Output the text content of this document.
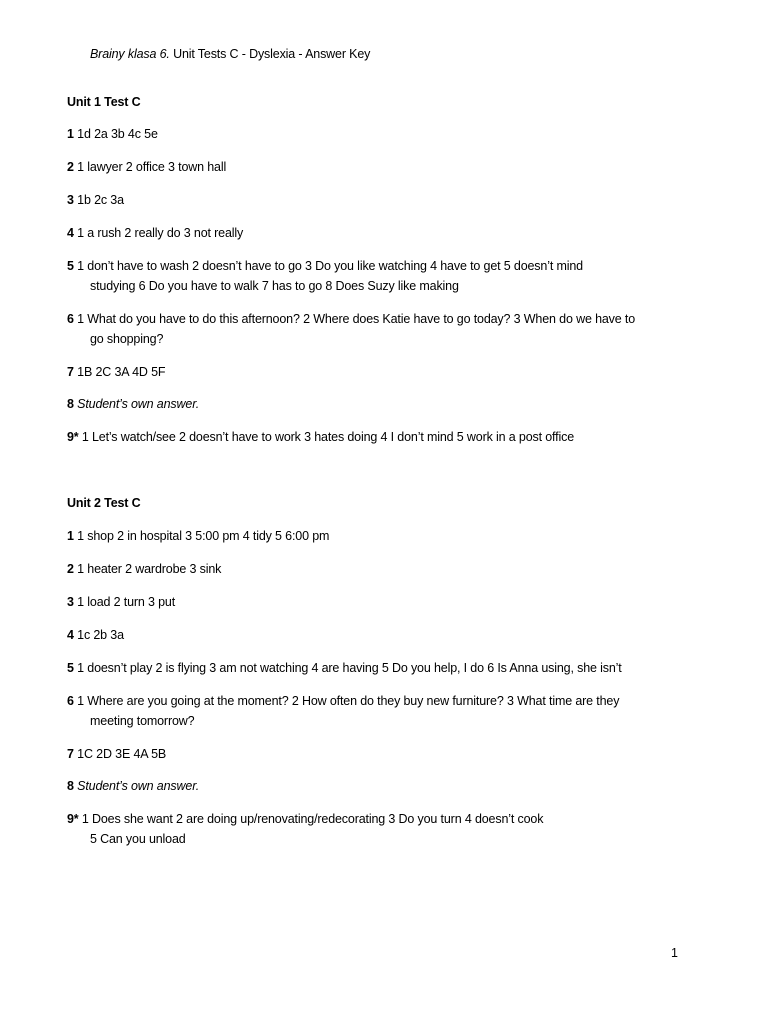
Brainy klasa 6. Unit Tests C - Dyslexia - Answer Key
Unit 1 Test C
1 1d 2a 3b 4c 5e
2 1 lawyer 2 office 3 town hall
3 1b 2c 3a
4 1 a rush 2 really do 3 not really
5 1 don’t have to wash 2 doesn’t have to go 3 Do you like watching 4 have to get 5 doesn’t mind
studying 6 Do you have to walk 7 has to go 8 Does Suzy like making
6 1 What do you have to do this afternoon? 2 Where does Katie have to go today? 3 When do we have to
go shopping?
7 1B 2C 3A 4D 5F
8 Student’s own answer.
9* 1 Let’s watch/see 2 doesn’t have to work 3 hates doing 4 I don’t mind 5 work in a post office
Unit 2 Test C
1 1 shop 2 in hospital 3 5:00 pm 4 tidy 5 6:00 pm
2 1 heater 2 wardrobe 3 sink
3 1 load 2 turn 3 put
4 1c 2b 3a
5 1 doesn’t play 2 is flying 3 am not watching 4 are having 5 Do you help, I do 6 Is Anna using, she isn’t
6 1 Where are you going at the moment? 2 How often do they buy new furniture? 3 What time are they
meeting tomorrow?
7 1C 2D 3E 4A 5B
8 Student’s own answer.
9* 1 Does she want 2 are doing up/renovating/redecorating 3 Do you turn 4 doesn’t cook
5 Can you unload
1
